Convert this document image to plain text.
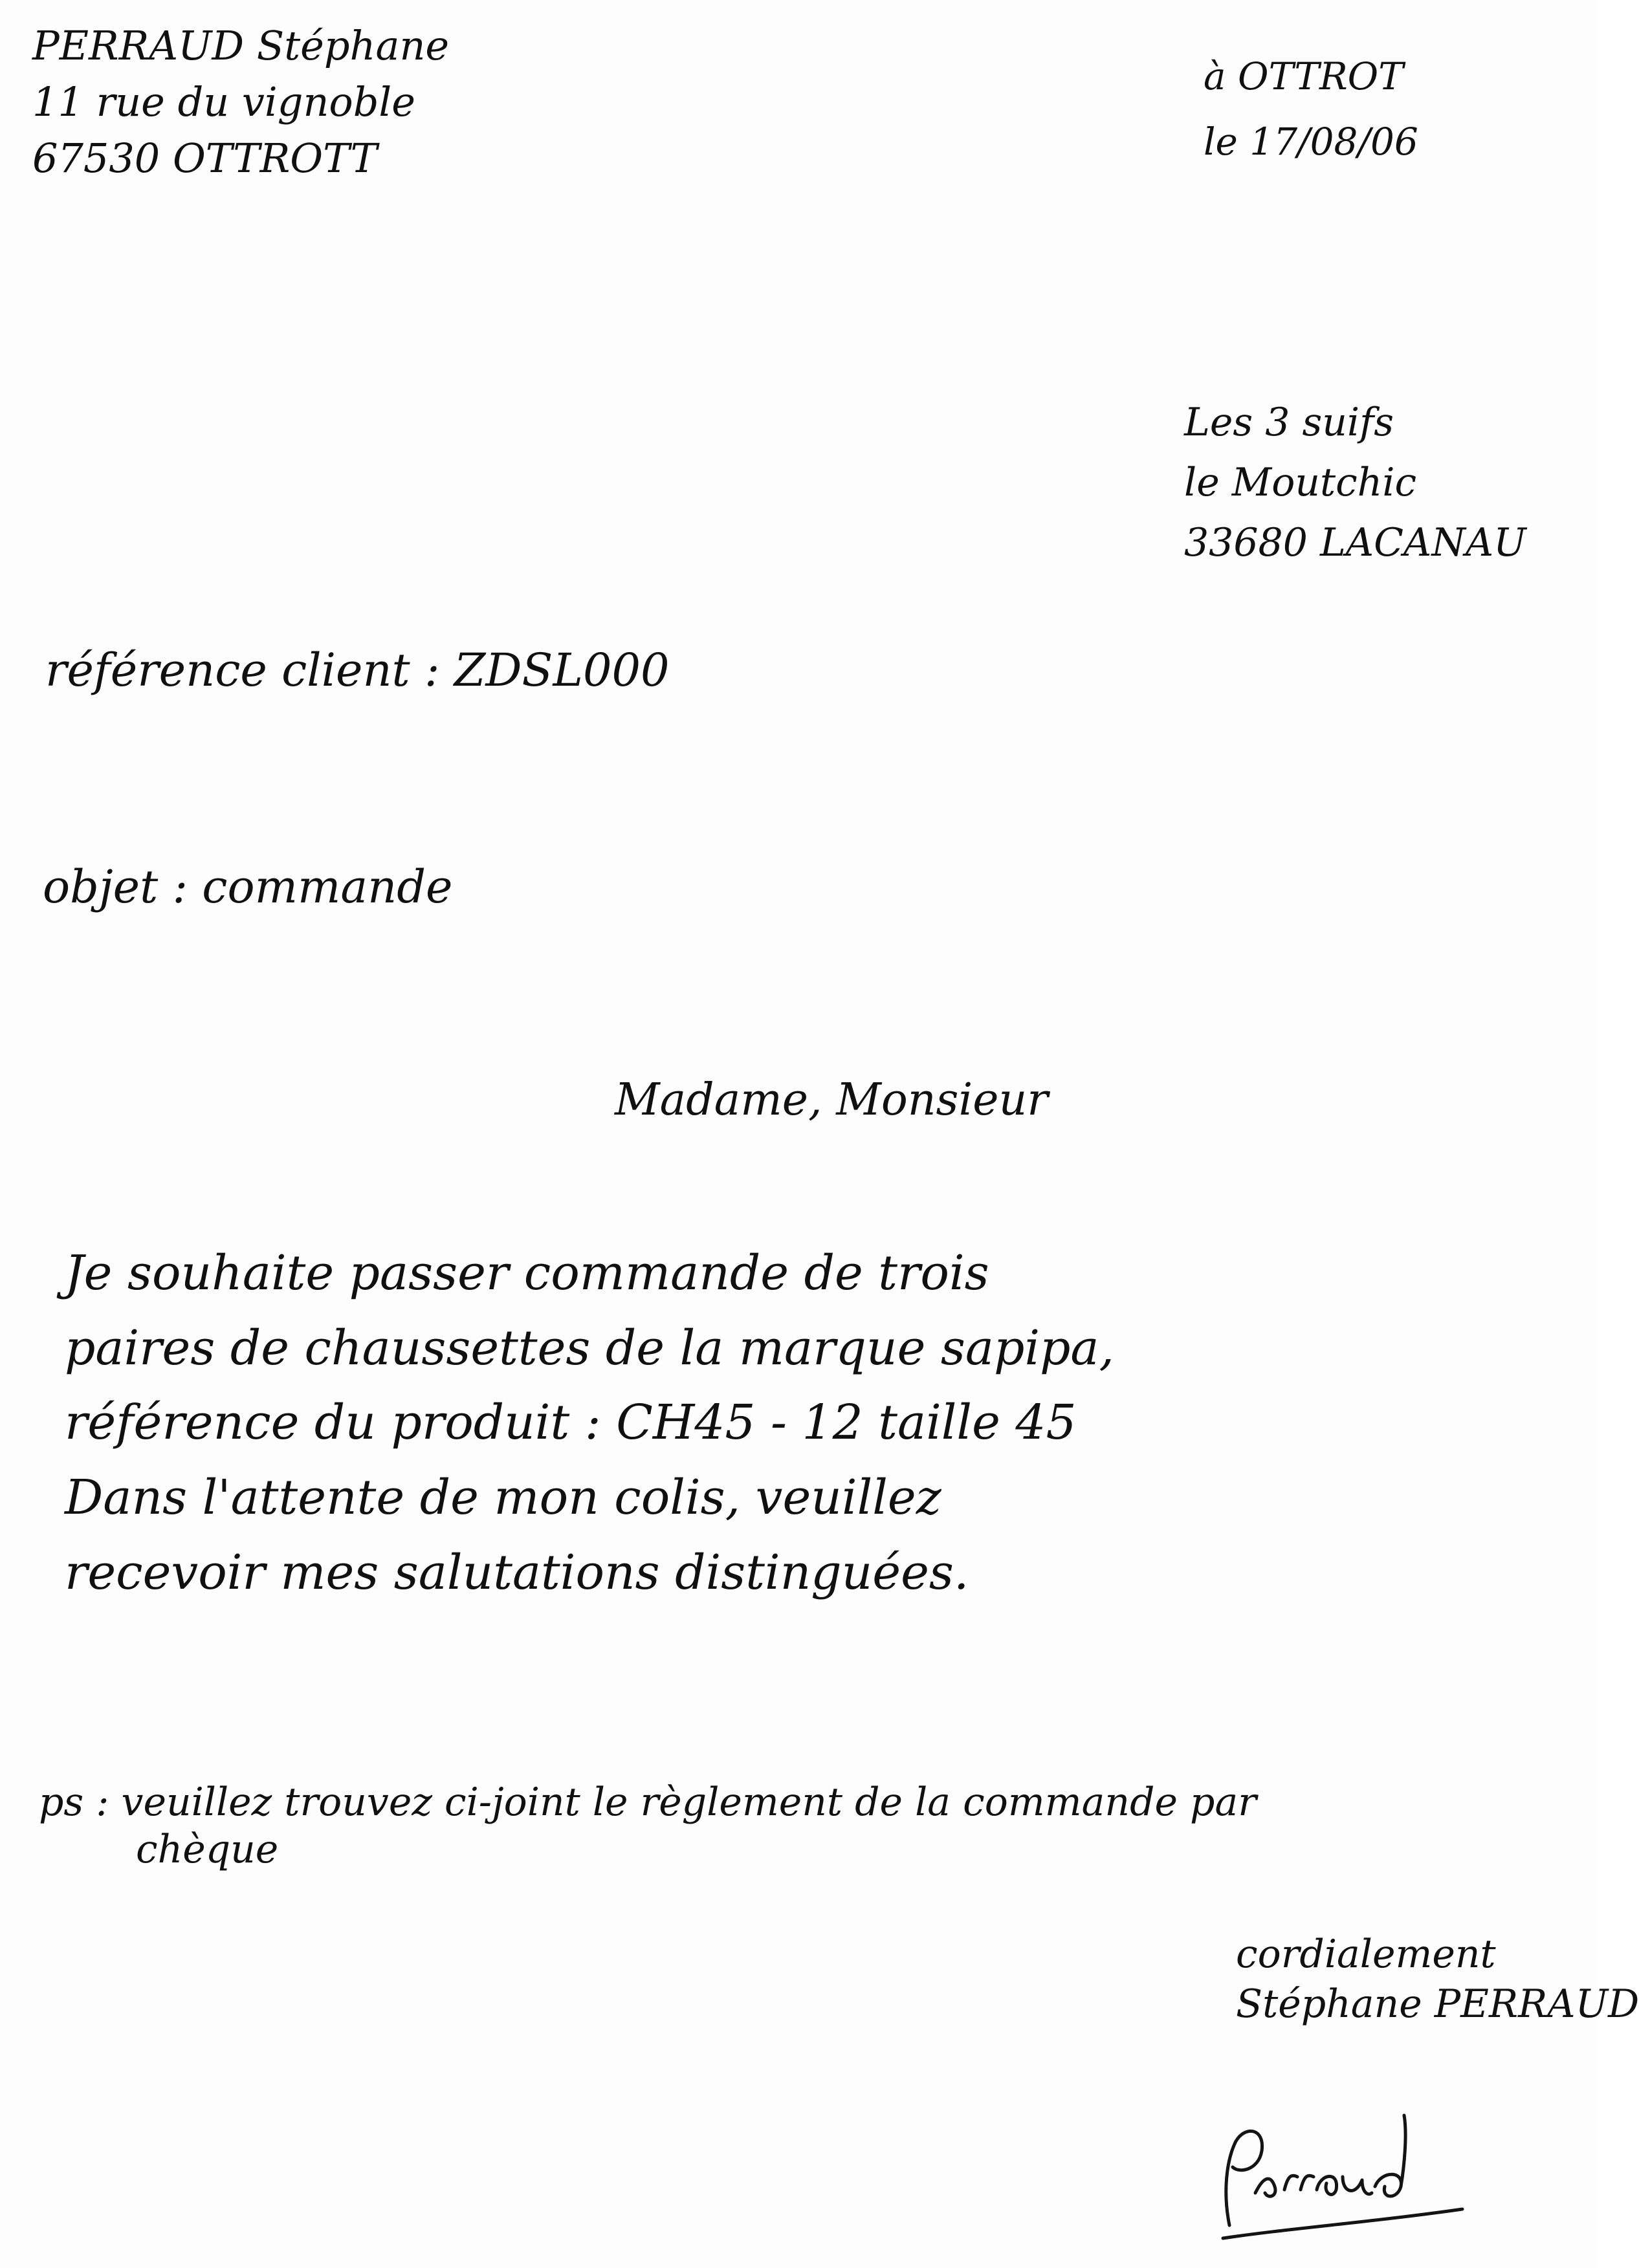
PERRAUD Stéphane
11 rue du vignoble
67530 OTTROTT
à OTTROT
le 17/08/06
Les 3 suifs
le Moutchic
33680 LACANAU
référence client : ZDSL000
objet : commande
Madame, Monsieur
Je souhaite passer commande de trois
paires de chaussettes de la marque sapipa,
référence du produit : CH45 - 12 taille 45
Dans l'attente de mon colis, veuillez
recevoir mes salutations distinguées.
ps : veuillez trouvez ci-joint le règlement de la commande par
chèque
cordialement
Stéphane PERRAUD
